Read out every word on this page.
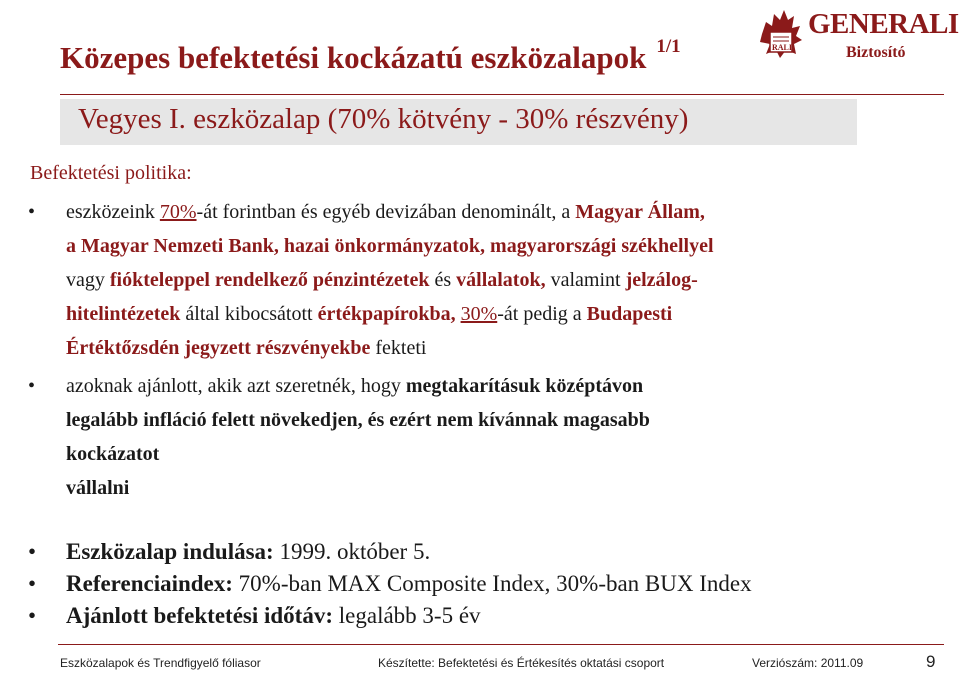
Közepes befektetési kockázatú eszközalapok $^{1/1}$	RALI
GENERALI
Biztosító
Vegyes I. eszközalap (70% kötvény - 30% részvény)
Befektetési politika:
• eszközeink 70%-át forintban és egyéb devizában denominált, a Magyar Állam,
a Magyar Nemzeti Bank, hazai önkormányzatok, magyarországi székhellyel
vagy fiókteleppel rendelkező pénzintézetek és vállalatok, valamint jelzálog-
hitelintézetek által kibocsátott értékpapírokba, 30%-át pedig a Budapesti
Értéktőzsdén jegyzett részvényekbe fekteti
• azoknak ajánlott, akik azt szeretnék, hogy megtakarításuk középtávon
legalább infláció felett növekedjen, és ezért nem kívánnak magasabb
kockázatot
vállalni
• Eszközalap indulása: 1999. október 5.
• Referenciaindex: 70%-ban MAX Composite Index, 30%-ban BUX Index
• Ajánlott befektetési időtáv: legalább 3-5 év
Eszközalapok és Trendfigyelő fóliasor	Készítette: Befektetési és Értékesítés oktatási csoport	Verziószám: 2011.09	9
